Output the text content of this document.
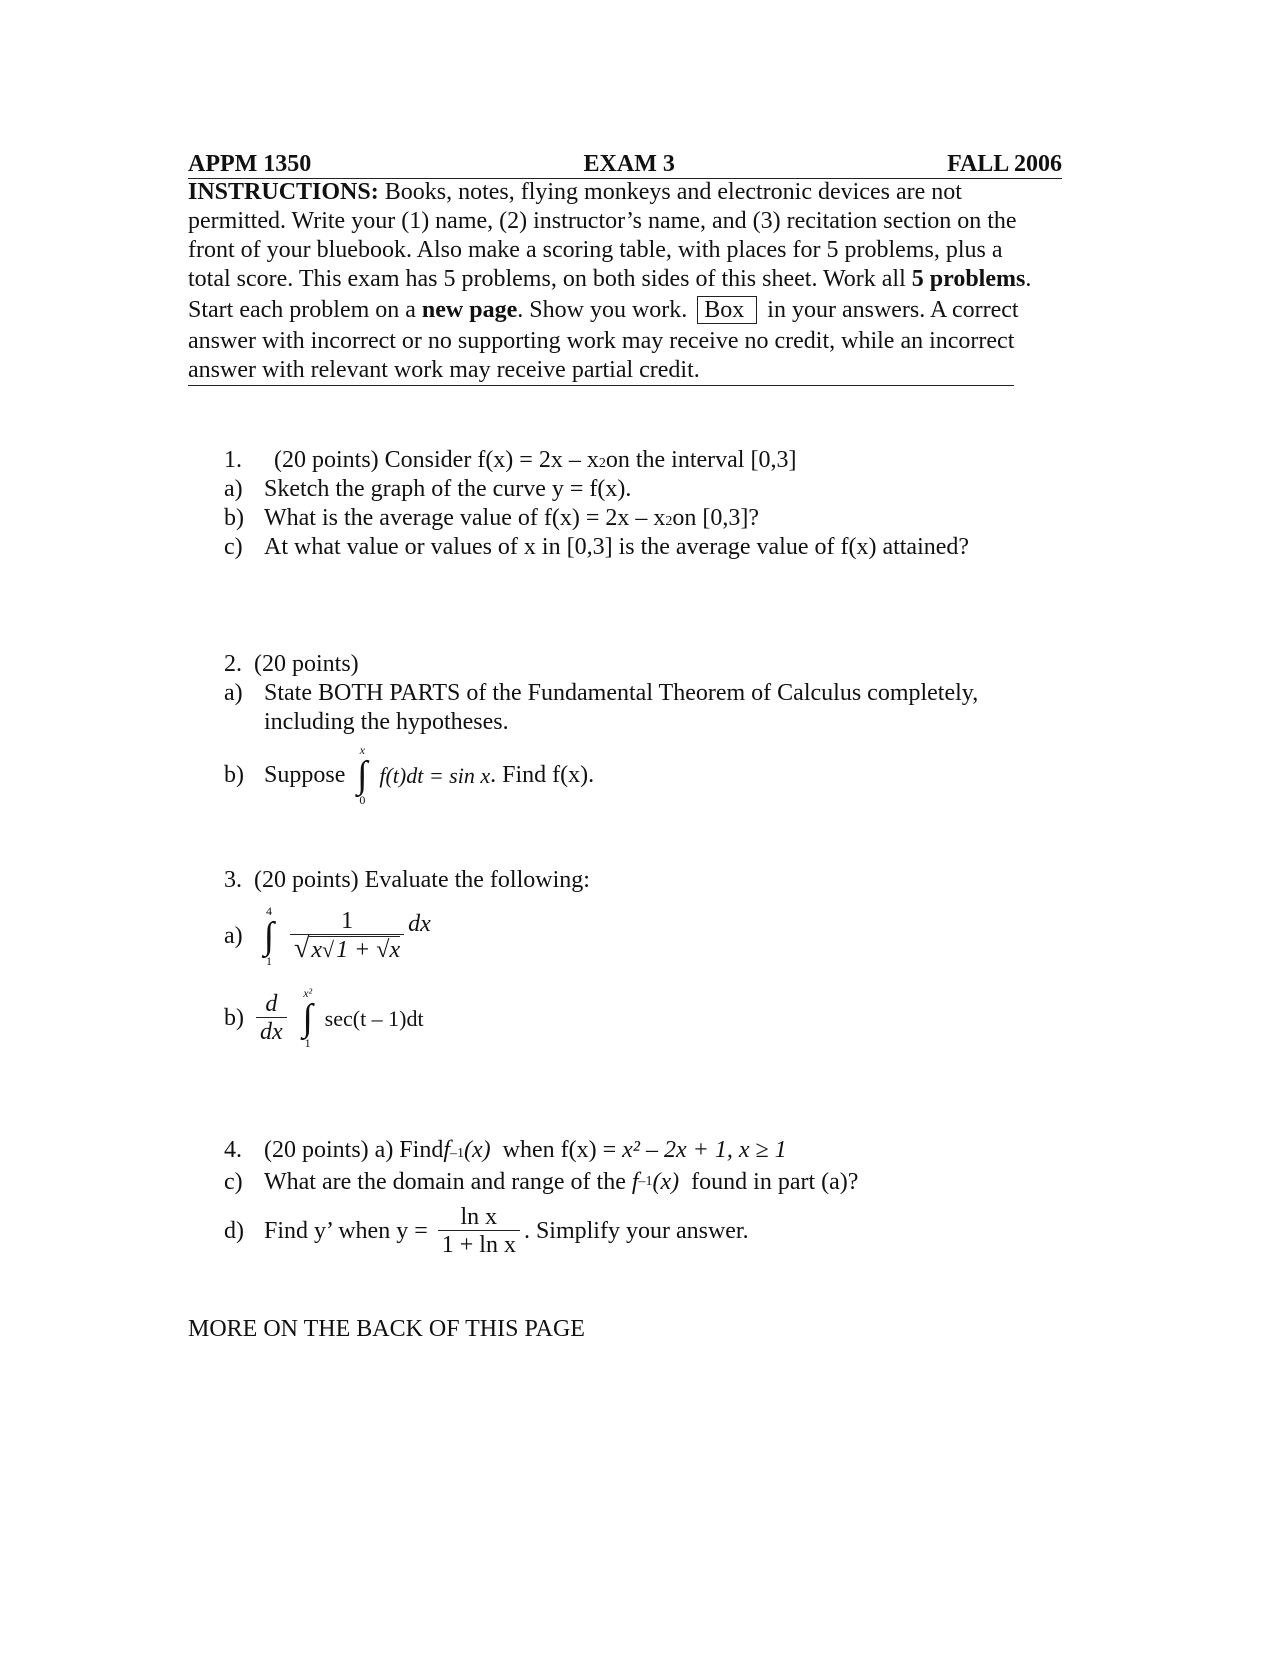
APPM 1350	EXAM 3	FALL 2006

INSTRUCTIONS: Books, notes, flying monkeys and electronic devices are not

permitted. Write your (1) name, (2) instructor’s name, and (3) recitation section on the

front of your bluebook. Also make a scoring table, with places for 5 problems, plus a

total score. This exam has 5 problems, on both sides of this sheet. Work all 5 problems.

Start each problem on a new page. Show you work. Box in your answers. A correct

answer with incorrect or no supporting work may receive no credit, while an incorrect

answer with relevant work may receive partial credit.

1.	(20 points) Consider f(x) = 2x – x 2 on the interval [0,3]
a) Sketch the graph of the curve y = f(x).
b) What is the average value of f(x) = 2x – x 2 on [0,3]?
c) At what value or values of x in [0,3] is the average value of f(x) attained?
2. (20 points)
a) State BOTH PARTS of the Fundamental Theorem of Calculus completely,
including the hypotheses.
b) Suppose
x
∫
0
f(t)dt = sin x . Find f(x).
3. (20 points) Evaluate the following:
a)
4
∫
$1 \frac{1}{√x√1 + √x}$ dx
$b) \frac{d}{dx} x^2$
∫
1
sec(t – 1)dt
4. (20 points) a) Find f –1 (x) when f(x) = x² – 2x + 1, x ≥ 1
c) What are the domain and range of the f –1 (x) found in part (a)?
d) Find y’ when $y = \frac{\text{ln x}}{\text{1 + ln x}}$ . Simplify your answer.
MORE ON THE BACK OF THIS PAGE
